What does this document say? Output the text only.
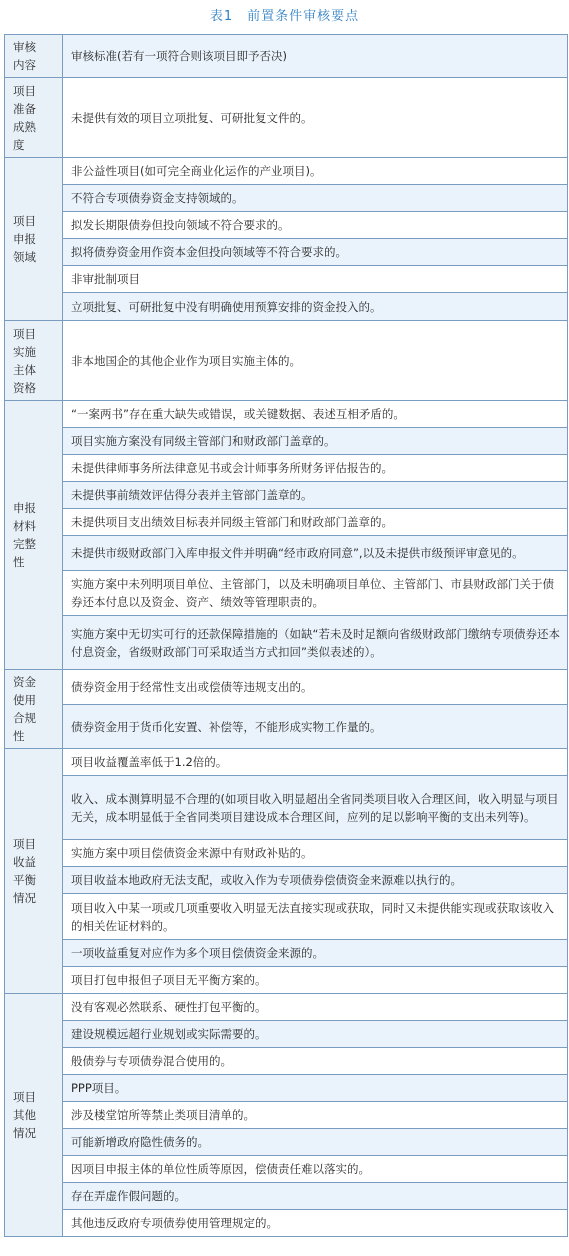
表1　前置条件审核要点
审核
内容	审核标准(若有一项符合则该项目即予否决)
项目
准备
成熟
度	未提供有效的项目立项批复、可研批复文件的。
项目
申报
领域	非公益性项目(如可完全商业化运作的产业项目)。
	不符合专项债券资金支持领域的。
	拟发长期限债券但投向领域不符合要求的。
	拟将债券资金用作资本金但投向领域等不符合要求的。
	非审批制项目
	立项批复、可研批复中没有明确使用预算安排的资金投入的。
项目
实施
主体
资格	非本地国企的其他企业作为项目实施主体的。
申报
材料
完整
性	“一案两书”存在重大缺失或错误，或关键数据、表述互相矛盾的。
	项目实施方案没有同级主管部门和财政部门盖章的。
	未提供律师事务所法律意见书或会计师事务所财务评估报告的。
	未提供事前绩效评估得分表并主管部门盖章的。
	未提供项目支出绩效目标表并同级主管部门和财政部门盖章的。
	未提供市级财政部门入库申报文件并明确“经市政府同意”,以及未提供市级预评审意见的。
	实施方案中未列明项目单位、主管部门，以及未明确项目单位、主管部门、市县财政部门关于债券还本付息以及资金、资产、绩效等管理职责的。
	实施方案中无切实可行的还款保障措施的（如缺“若未及时足额向省级财政部门缴纳专项债券还本付息资金，省级财政部门可采取适当方式扣回”类似表述的）。
资金
使用
合规
性	债券资金用于经常性支出或偿债等违规支出的。
	债券资金用于货币化安置、补偿等，不能形成实物工作量的。
项目
收益
平衡
情况	项目收益覆盖率低于1.2倍的。
	收入、成本测算明显不合理的(如项目收入明显超出全省同类项目收入合理区间，收入明显与项目无关，成本明显低于全省同类项目建设成本合理区间，应列的足以影响平衡的支出未列等)。
	实施方案中项目偿债资金来源中有财政补贴的。
	项目收益本地政府无法支配，或收入作为专项债券偿债资金来源难以执行的。
	项目收入中某一项或几项重要收入明显无法直接实现或获取，同时又未提供能实现或获取该收入的相关佐证材料的。
	一项收益重复对应作为多个项目偿债资金来源的。
	项目打包申报但子项目无平衡方案的。
项目
其他
情况	没有客观必然联系、硬性打包平衡的。
	建设规模远超行业规划或实际需要的。
	般债券与专项债券混合使用的。
	PPP项目。
	涉及楼堂馆所等禁止类项目清单的。
	可能新增政府隐性债务的。
	因项目申报主体的单位性质等原因，偿债责任难以落实的。
	存在弄虚作假问题的。
	其他违反政府专项债券使用管理规定的。
